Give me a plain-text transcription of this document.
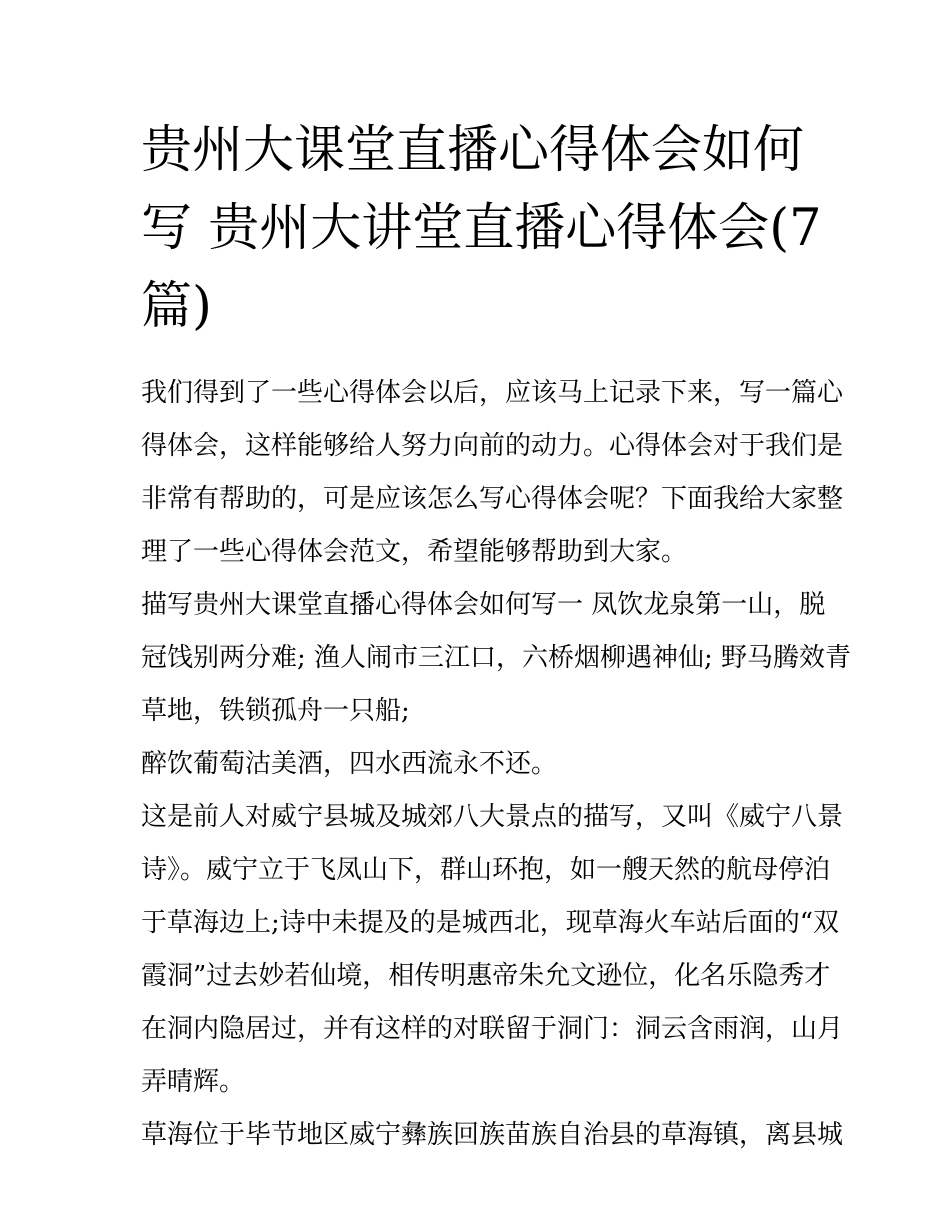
贵州大课堂直播心得体会如何
写 贵州大讲堂直播心得体会(7
篇)
我们得到了一些心得体会以后，应该马上记录下来，写一篇心
得体会，这样能够给人努力向前的动力。心得体会对于我们是
非常有帮助的，可是应该怎么写心得体会呢？下面我给大家整
理了一些心得体会范文，希望能够帮助到大家。
描写贵州大课堂直播心得体会如何写一 凤饮龙泉第一山，脱
冠饯别两分难; 渔人闹市三江口，六桥烟柳遇神仙; 野马腾效青
草地，铁锁孤舟一只船;
醉饮葡萄沽美酒，四水西流永不还。
这是前人对威宁县城及城郊八大景点的描写，又叫《威宁八景
诗》。威宁立于飞凤山下，群山环抱，如一艘天然的航母停泊
于草海边上;诗中未提及的是城西北，现草海火车站后面的“双
霞洞”过去妙若仙境，相传明惠帝朱允文逊位，化名乐隐秀才
在洞内隐居过，并有这样的对联留于洞门：洞云含雨润，山月
弄晴辉。
草海位于毕节地区威宁彝族回族苗族自治县的草海镇，离县城
